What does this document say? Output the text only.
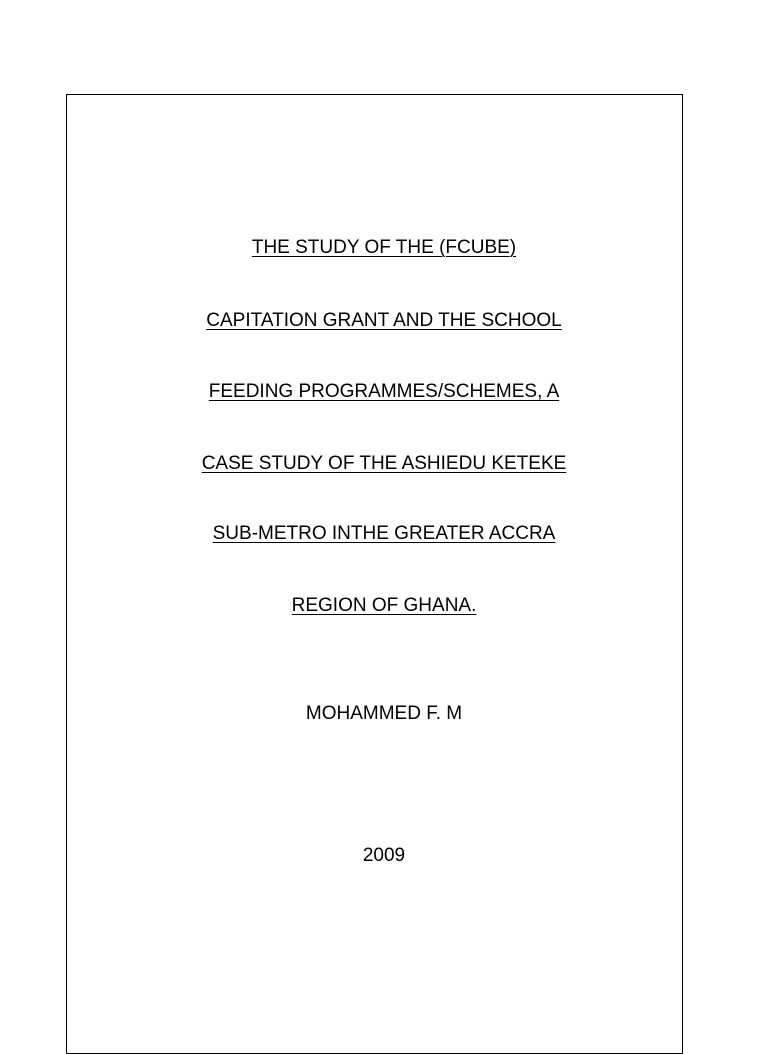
THE STUDY OF THE (FCUBE)
CAPITATION GRANT AND THE SCHOOL
FEEDING PROGRAMMES/SCHEMES, A
CASE STUDY OF THE ASHIEDU KETEKE
SUB-METRO INTHE GREATER ACCRA
REGION OF GHANA.
MOHAMMED F. M
2009
